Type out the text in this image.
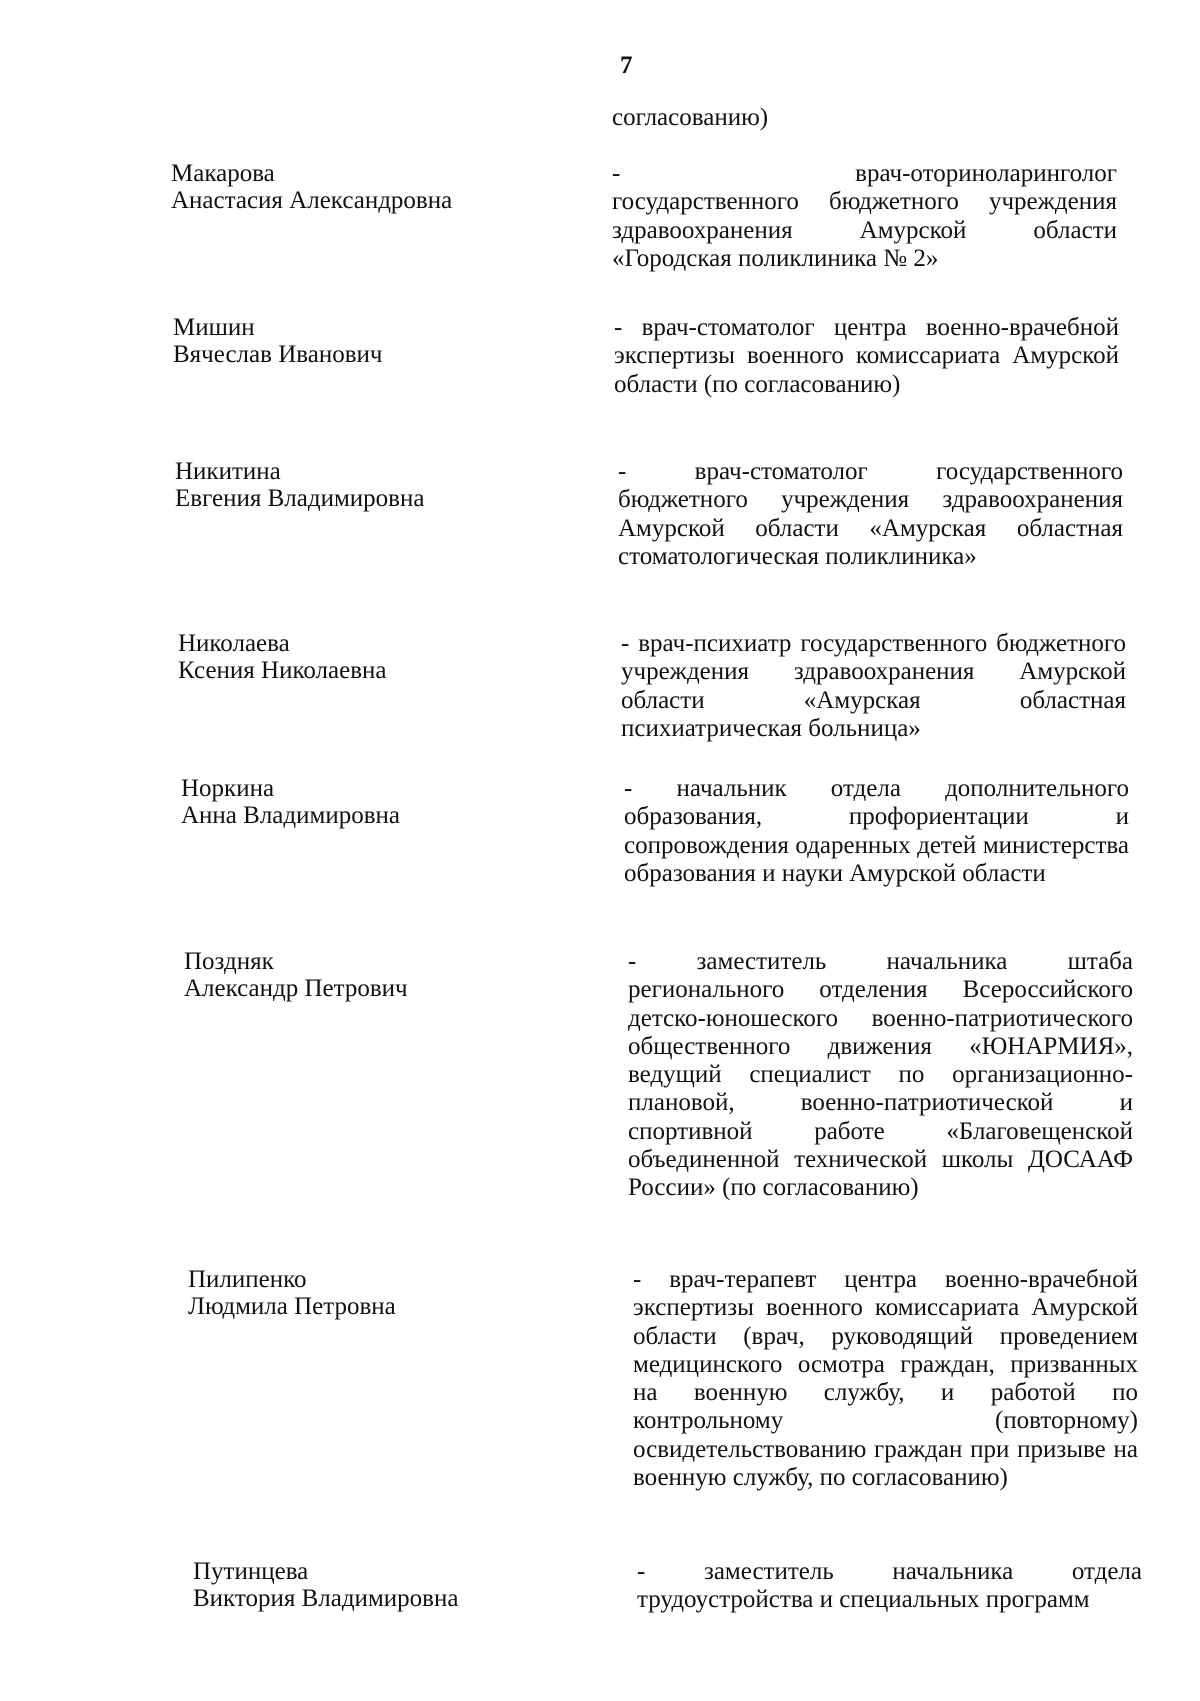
7
согласованию)
Макарова
Анастасия Александровна
-                      врач-оториноларинголог государственного бюджетного учреждения здравоохранения Амурской области «Городская поликлиника № 2»
Мишин
Вячеслав Иванович
- врач-стоматолог центра военно-врачебной экспертизы военного комиссариата Амурской области (по согласованию)
Никитина
Евгения Владимировна
- врач-стоматолог государственного бюджетного учреждения здравоохранения Амурской области «Амурская областная стоматологическая поликлиника»
Николаева
Ксения Николаевна
- врач-психиатр государственного бюджетного учреждения здравоохранения Амурской области «Амурская областная психиатрическая больница»
Норкина
Анна Владимировна
- начальник отдела дополнительного образования, профориентации и сопровождения одаренных детей министерства образования и науки Амурской области
Поздняк
Александр Петрович
- заместитель начальника штаба регионального отделения Всероссийского детско-юношеского военно-патриотического общественного движения «ЮНАРМИЯ», ведущий специалист по организационно-плановой, военно-патриотической и спортивной работе «Благовещенской объединенной технической школы ДОСААФ России» (по согласованию)
Пилипенко
Людмила Петровна
- врач-терапевт центра военно-врачебной экспертизы военного комиссариата Амурской области (врач, руководящий проведением медицинского осмотра граждан, призванных на военную службу, и работой по контрольному (повторному) освидетельствованию граждан при призыве на военную службу, по согласованию)
Путинцева
Виктория Владимировна
- заместитель начальника отдела трудоустройства и специальных программ
